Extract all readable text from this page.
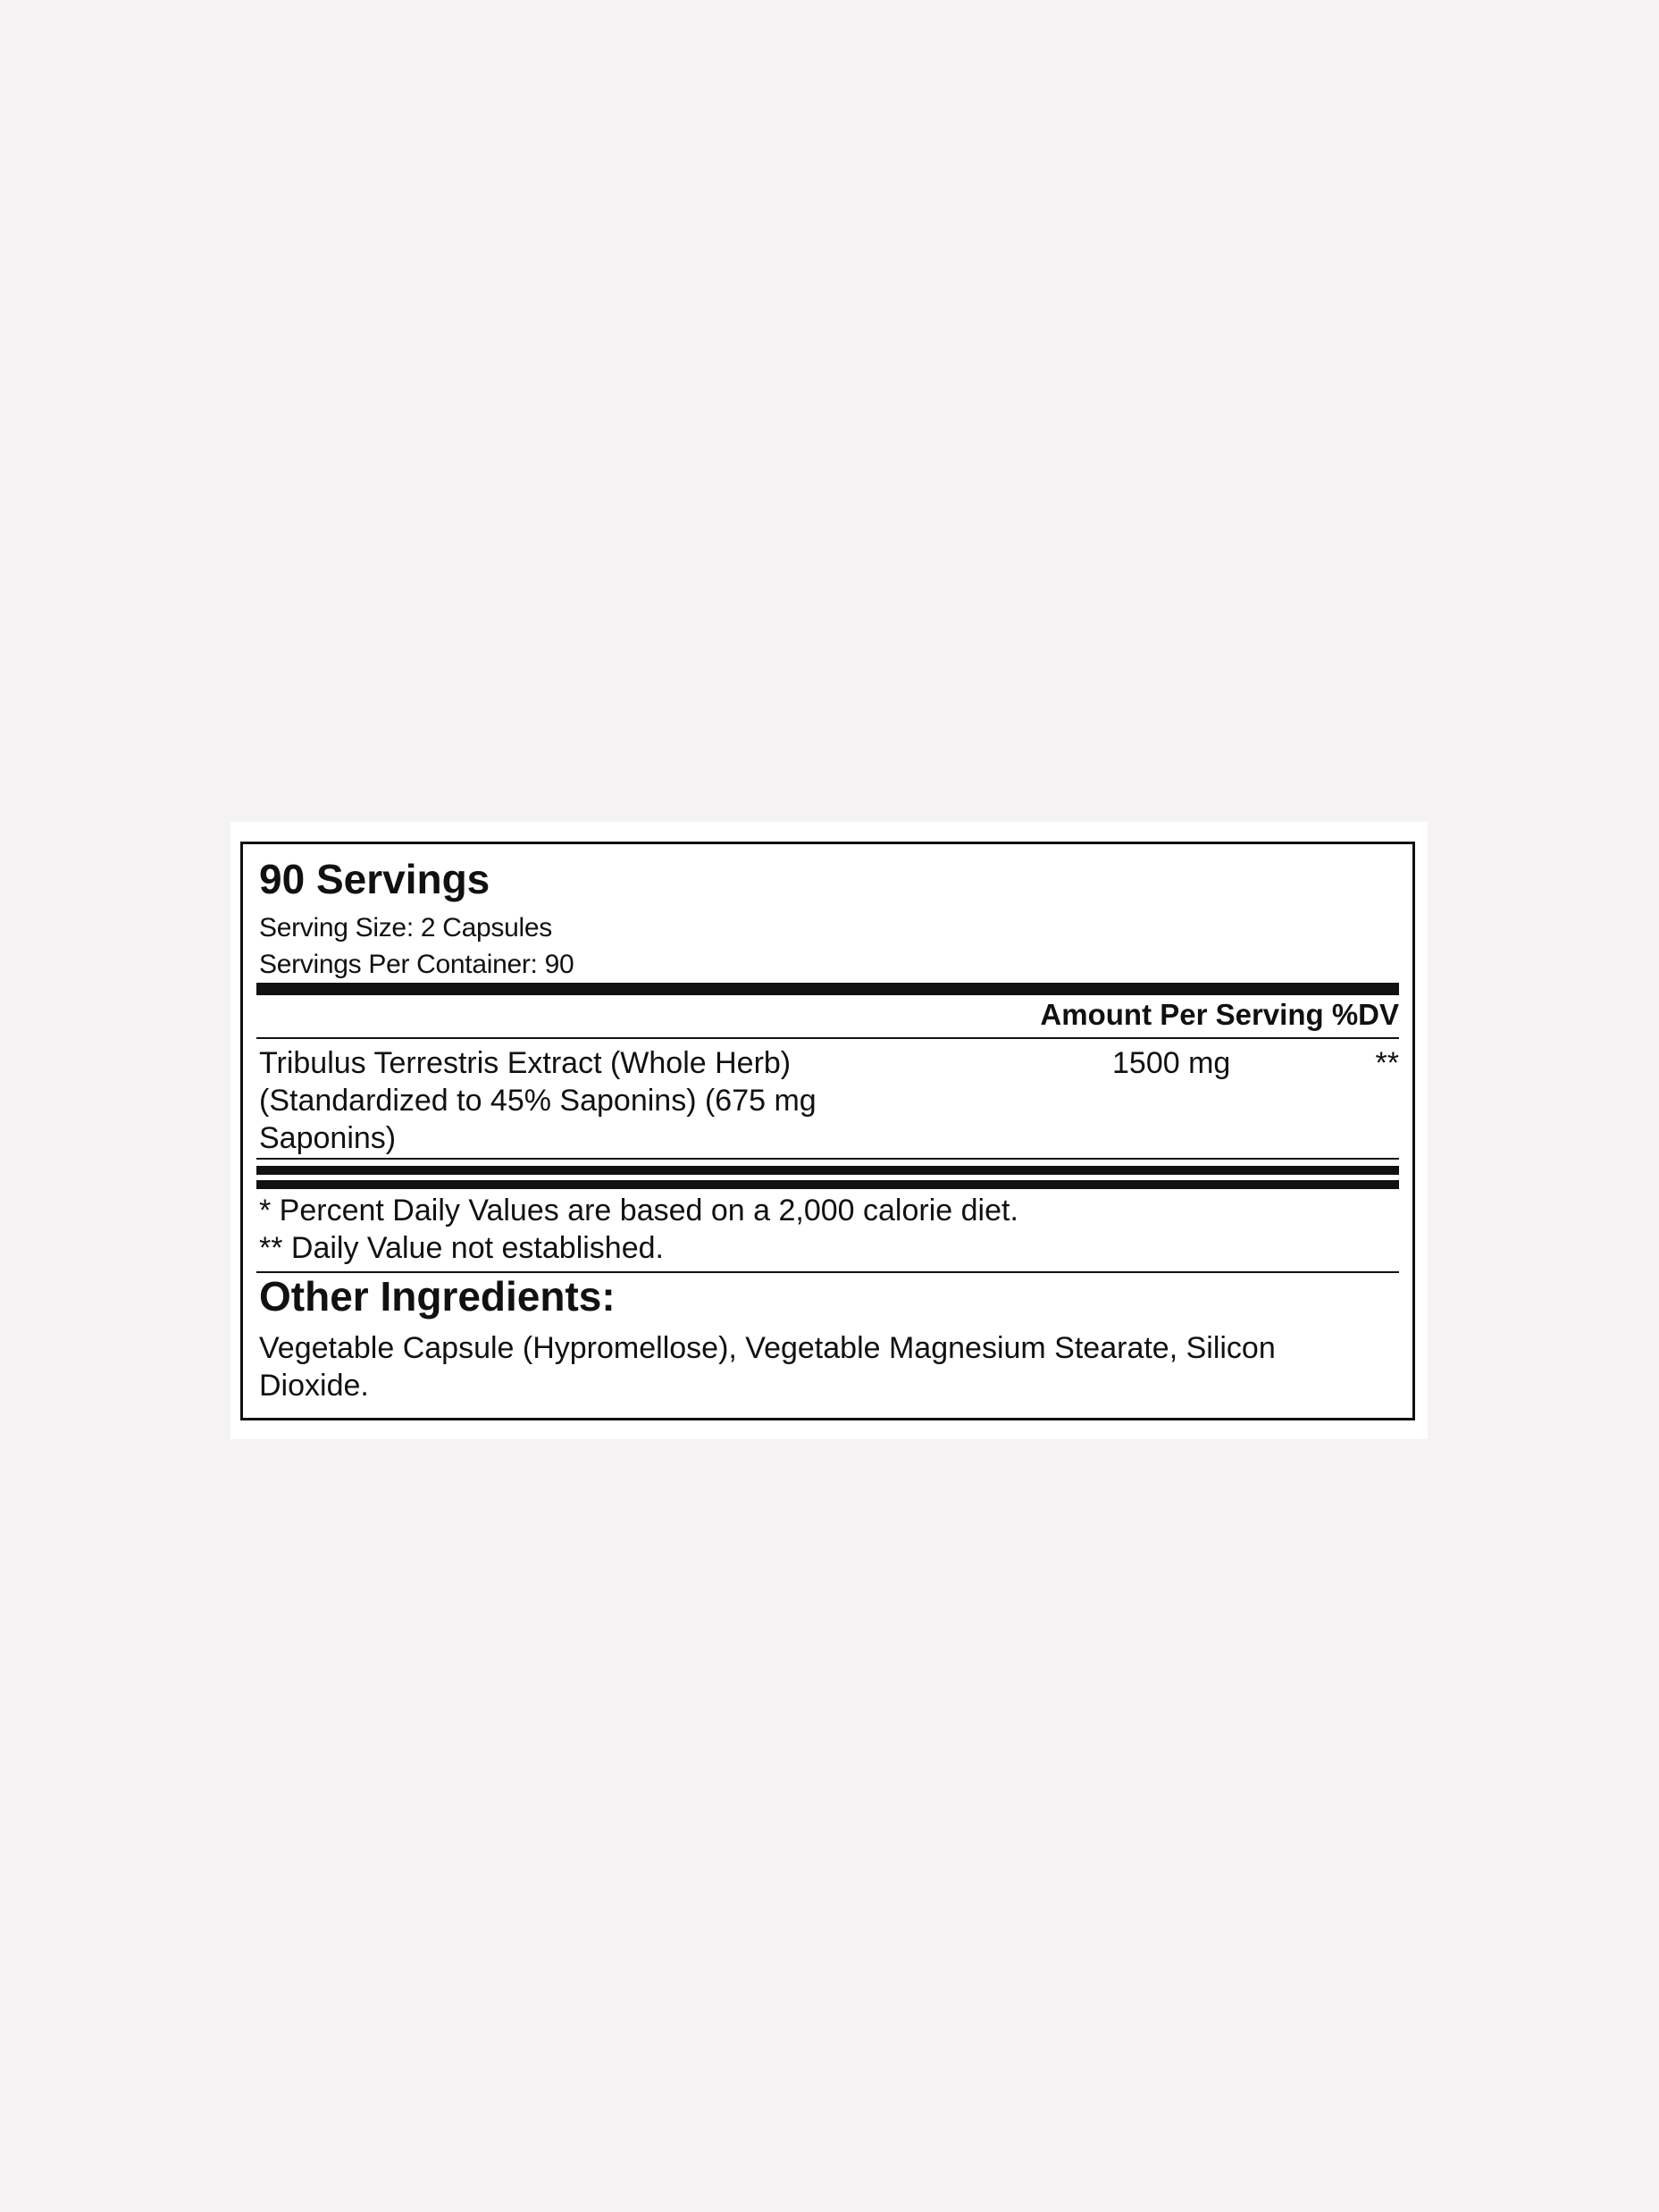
90 Servings
Serving Size: 2 Capsules
Servings Per Container: 90
Amount Per Serving %DV
Tribulus Terrestris Extract (Whole Herb) (Standardized to 45% Saponins) (675 mg Saponins)
1500 mg	**
* Percent Daily Values are based on a 2,000 calorie diet.
** Daily Value not established.
Other Ingredients:
Vegetable Capsule (Hypromellose), Vegetable Magnesium Stearate, Silicon Dioxide.
